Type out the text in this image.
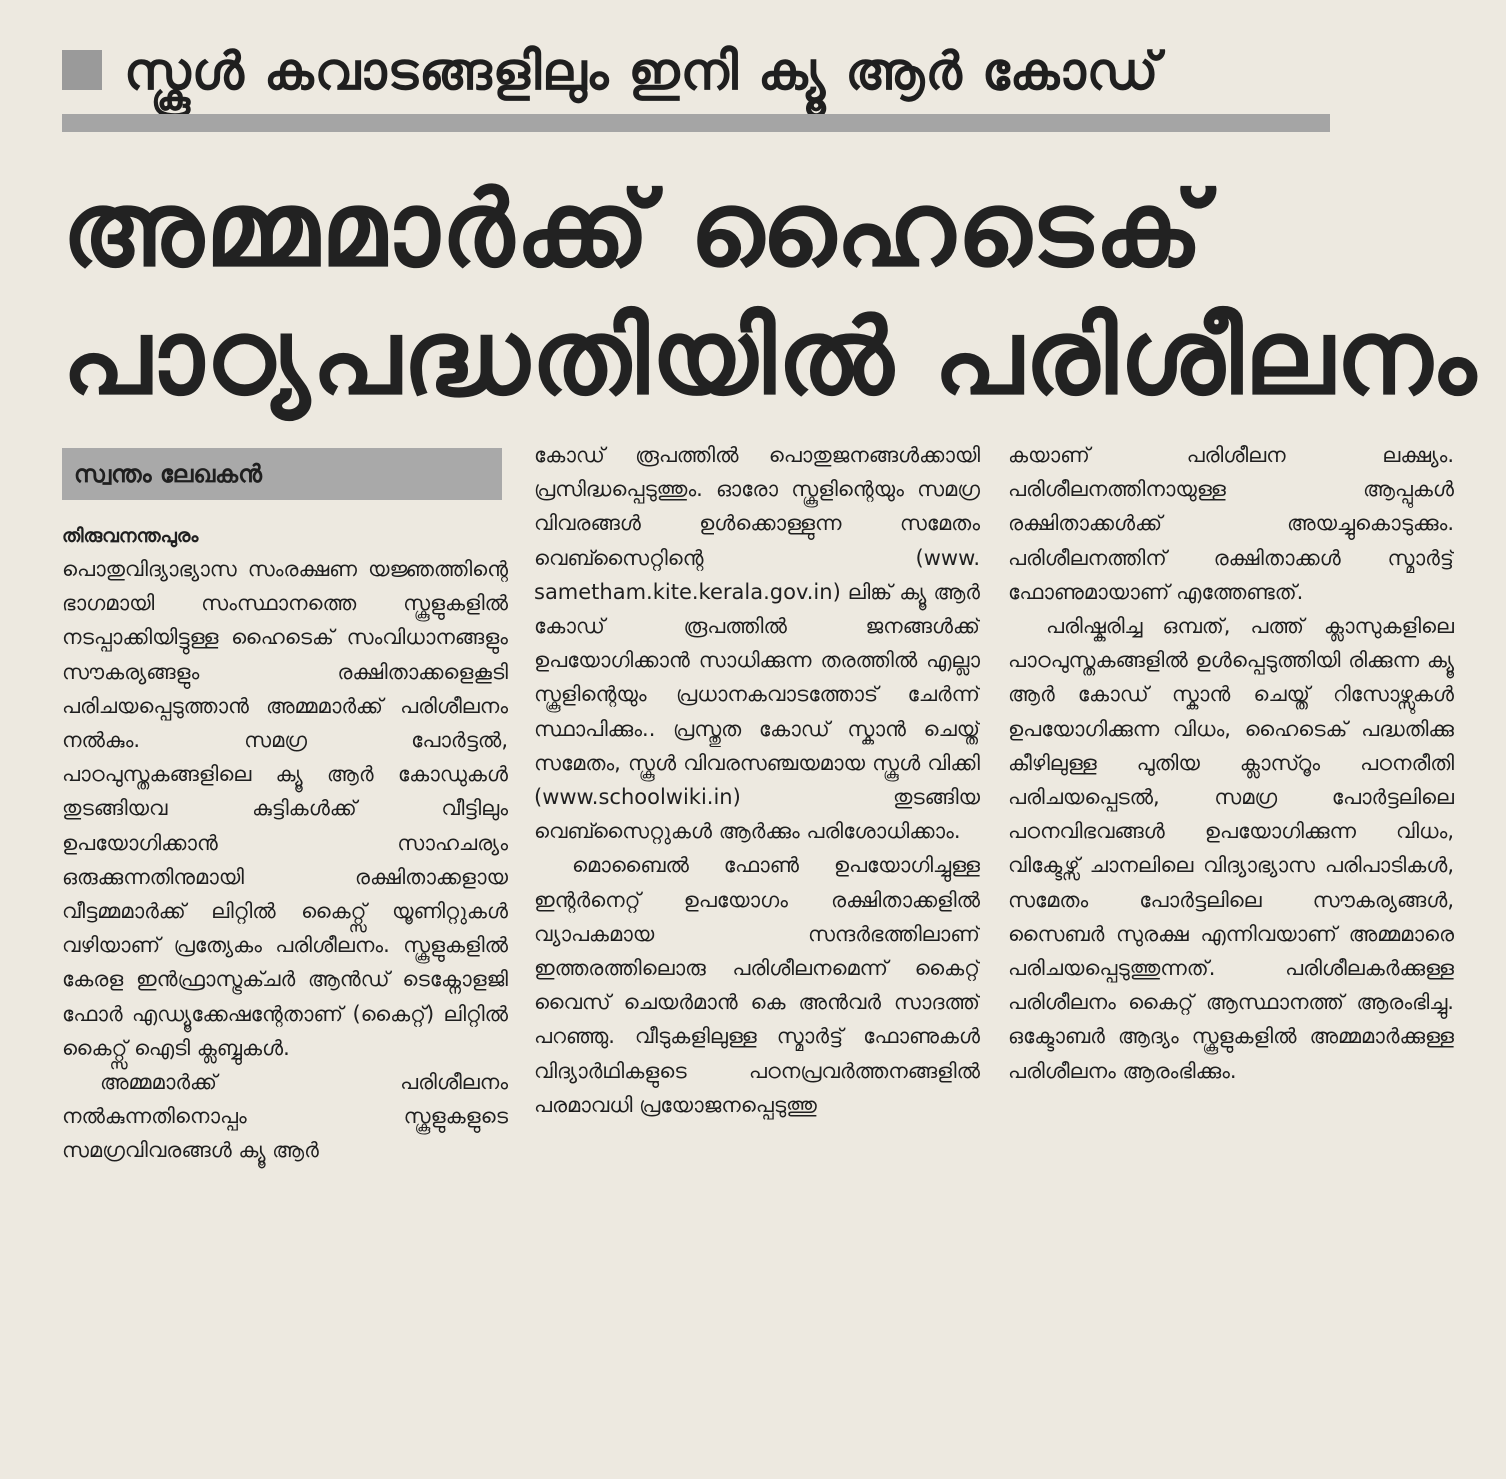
സ്കൂൾ കവാടങ്ങളിലും ഇനി ക്യൂ ആർ കോഡ്
അമ്മമാർക്ക് ഹൈടെക്
പാഠ്യപദ്ധതിയിൽ പരിശീലനം
സ്വന്തം ലേഖകൻ
തിരുവനന്തപുരം

പൊതുവിദ്യാഭ്യാസ സംരക്ഷണ യജ്ഞത്തിന്റെ ഭാഗമായി സംസ്ഥാനത്തെ സ്കൂളുകളിൽ നടപ്പാക്കിയിട്ടുള്ള ഹൈടെക് സംവിധാനങ്ങളും സൗകര്യങ്ങളും രക്ഷിതാക്കളെകൂടി പരിചയപ്പെടുത്താൻ അമ്മമാർക്ക് പരിശീലനം നൽകും. സമഗ്ര പോർട്ടൽ, പാഠപുസ്തകങ്ങളിലെ ക്യൂ ആർ കോഡുകൾ തുടങ്ങിയവ കുട്ടികൾക്ക് വീട്ടിലും ഉപയോഗിക്കാൻ സാഹചര്യം ഒരുക്കുന്നതിനുമായി രക്ഷിതാക്കളായ വീട്ടമ്മമാർക്ക് ലിറ്റിൽ കൈറ്റ്സ് യൂണിറ്റുകൾ വഴിയാണ് പ്രത്യേകം പരിശീലനം. സ്കൂളുകളിൽ കേരള ഇൻഫ്രാസ്ട്രക്ചർ ആൻഡ് ടെക്നോളജി ഫോർ എഡ്യൂക്കേഷന്റേതാണ് (കൈറ്റ്) ലിറ്റിൽ കൈറ്റ്സ് ഐടി ക്ലബ്ബുകൾ.

അമ്മമാർക്ക് പരിശീലനം നൽകുന്നതിനൊപ്പം സ്കൂളുകളുടെ സമഗ്രവിവരങ്ങൾ ക്യൂ ആർ

കോഡ് രൂപത്തിൽ പൊതുജനങ്ങൾക്കായി പ്രസിദ്ധപ്പെടുത്തും. ഓരോ സ്കൂളിന്റെയും സമഗ്ര വിവരങ്ങൾ ഉൾക്കൊള്ളുന്ന സമേതം വെബ്സൈറ്റിന്റെ (www. sametham.kite.kerala.gov.in) ലിങ്ക് ക്യൂ ആർ കോഡ് രൂപത്തിൽ ജനങ്ങൾക്ക് ഉപയോഗിക്കാൻ സാധിക്കുന്ന തരത്തിൽ എല്ലാ സ്കൂളിന്റെയും പ്രധാനകവാടത്തോട് ചേർന്ന് സ്ഥാപിക്കും.. പ്രസ്തുത കോഡ് സ്കാൻ ചെയ്ത് സമേതം, സ്കൂൾ വിവരസഞ്ചയമായ സ്കൂൾ വിക്കി (www.schoolwiki.in) തുടങ്ങിയ വെബ്സൈറ്റുകൾ ആർക്കും പരിശോധിക്കാം.

മൊബൈൽ ഫോൺ ഉപയോഗിച്ചുള്ള ഇന്റർനെറ്റ് ഉപയോഗം രക്ഷിതാക്കളിൽ വ്യാപകമായ സന്ദർഭത്തിലാണ് ഇത്തരത്തിലൊരു പരിശീലനമെന്ന് കൈറ്റ് വൈസ് ചെയർമാൻ കെ അൻവർ സാദത്ത് പറഞ്ഞു. വീടുകളിലുള്ള സ്മാർട്ട് ഫോണുകൾ വിദ്യാർഥികളുടെ പഠനപ്രവർത്തനങ്ങളിൽ പരമാവധി പ്രയോജനപ്പെടുത്തു

കയാണ് പരിശീലന ലക്ഷ്യം. പരിശീലനത്തിനായുള്ള ആപ്പുകൾ രക്ഷിതാക്കൾക്ക് അയച്ചുകൊടുക്കും. പരിശീലനത്തിന് രക്ഷിതാക്കൾ സ്മാർട്ട് ഫോണുമായാണ് എത്തേണ്ടത്.

പരിഷ്കരിച്ച ഒമ്പത്, പത്ത് ക്ലാസുകളിലെ പാഠപുസ്തകങ്ങളിൽ ഉൾപ്പെടുത്തിയി രിക്കുന്ന ക്യൂ ആർ കോഡ് സ്കാൻ ചെയ്ത് റിസോഴ്സുകൾ ഉപയോഗിക്കുന്ന വിധം, ഹൈടെക് പദ്ധതിക്കു കീഴിലുള്ള പുതിയ ക്ലാസ്റൂം പഠനരീതി പരിചയപ്പെടൽ, സമഗ്ര പോർട്ടലിലെ പഠനവിഭവങ്ങൾ ഉപയോഗിക്കുന്ന വിധം, വിക്ടേഴ്സ് ചാനലിലെ വിദ്യാഭ്യാസ പരിപാടികൾ, സമേതം പോർട്ടലിലെ സൗകര്യങ്ങൾ, സൈബർ സുരക്ഷ എന്നിവയാണ് അമ്മമാരെ പരിചയപ്പെടുത്തുന്നത്. പരിശീലകർക്കുള്ള പരിശീലനം കൈറ്റ് ആസ്ഥാനത്ത് ആരംഭിച്ചു. ഒക്ടോബർ ആദ്യം സ്കൂളുകളിൽ അമ്മമാർക്കുള്ള പരിശീലനം ആരംഭിക്കും.
